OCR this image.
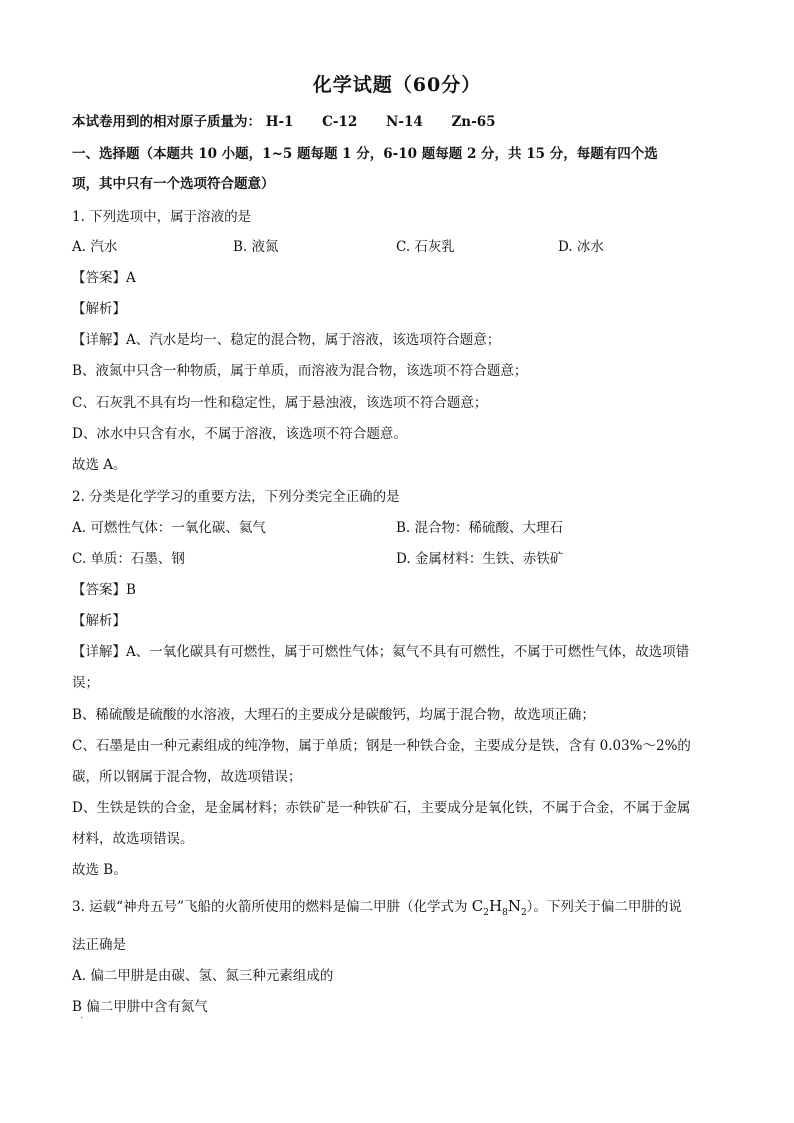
化学试题（60分）
本试卷用到的相对原子质量为： H-1 C-12 N-14 Zn-65
一、选择题（本题共 10 小题，1~5 题每题 1 分，6-10 题每题 2 分，共 15 分，每题有四个选
项，其中只有一个选项符合题意）
1. 下列选项中，属于溶液的是
A. 汽水	B. 液氮	C. 石灰乳	D. 冰水
【答案】A
【解析】
【详解】A、汽水是均一、稳定的混合物，属于溶液，该选项符合题意；
B、液氮中只含一种物质，属于单质，而溶液为混合物，该选项不符合题意；
C、石灰乳不具有均一性和稳定性，属于悬浊液，该选项不符合题意；
D、冰水中只含有水，不属于溶液，该选项不符合题意。
故选 A。
2. 分类是化学学习的重要方法，下列分类完全正确的是
A. 可燃性气体：一氧化碳、氦气	B. 混合物：稀硫酸、大理石
C. 单质：石墨、钢	D. 金属材料：生铁、赤铁矿
【答案】B
【解析】
【详解】A、一氧化碳具有可燃性，属于可燃性气体；氦气不具有可燃性，不属于可燃性气体，故选项错
误；
B、稀硫酸是硫酸的水溶液，大理石的主要成分是碳酸钙，均属于混合物，故选项正确；
C、石墨是由一种元素组成的纯净物，属于单质；钢是一种铁合金，主要成分是铁，含有 0.03%～2%的
碳，所以钢属于混合物，故选项错误；
D、生铁是铁的合金，是金属材料；赤铁矿是一种铁矿石，主要成分是氧化铁，不属于合金，不属于金属
材料，故选项错误。
故选 B。
3. 运载“神舟五号”飞船的火箭所使用的燃料是偏二甲肼（化学式为 $C_2H_8N_2$）。下列关于偏二甲肼的说
法正确是
A. 偏二甲肼是由碳、氢、氮三种元素组成的
B 偏二甲肼中含有氮气
·
